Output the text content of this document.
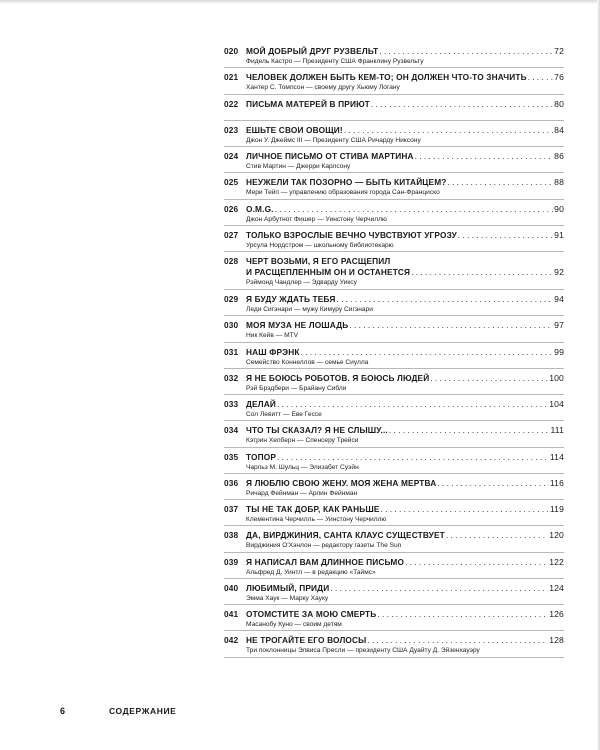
020 МОЙ ДОБРЫЙ ДРУГ РУЗВЕЛЬТ . . .	72
Фидель Кастро — Президенту США Франклину Рузвельту
021 ЧЕЛОВЕК ДОЛЖЕН БЫТЬ КЕМ-ТО; ОН ДОЛЖЕН ЧТО-ТО ЗНАЧИТЬ . . .	76
Хантер С. Томпсон — своему другу Хьюму Логану
022 ПИСЬМА МАТЕРЕЙ В ПРИЮТ . . .	80
023 ЕШЬТЕ СВОИ ОВОЩИ! . . .	84
Джон У. Джеймс III — Президенту США Ричарду Никсону
024 ЛИЧНОЕ ПИСЬМО ОТ СТИВА МАРТИНА . . .	86
Стив Мартин — Джерри Карлсону
025 НЕУЖЕЛИ ТАК ПОЗОРНО — БЫТЬ КИТАЙЦЕМ? . . .	88
Мери Тейп — управлению образования города Сан-Франциско
026 O.M.G. . . .	90
Джон Арбутнот Фишер — Уинстону Черчиллю
027 ТОЛЬКО ВЗРОСЛЫЕ ВЕЧНО ЧУВСТВУЮТ УГРОЗУ . . .	91
Урсула Нордстром — школьному библиотекарю
028 ЧЕРТ ВОЗЬМИ, Я ЕГО РАСЩЕПИЛ
И РАСЩЕПЛЕННЫМ ОН И ОСТАНЕТСЯ . . .	92
Рэймонд Чандлер — Эдварду Уиксу
029 Я БУДУ ЖДАТЬ ТЕБЯ . . .	94
Леди Сигэнари — мужу Кимуру Сигэнари
030 МОЯ МУЗА НЕ ЛОШАДЬ . . .	97
Ник Кейв — MTV
031 НАШ ФРЭНК . . .	99
Семейство Коннеллов — семье Сиулла
032 Я НЕ БОЮСЬ РОБОТОВ. Я БОЮСЬ ЛЮДЕЙ . . .	100
Рэй Брэдбери — Брайану Сибли
033 ДЕЛАЙ . . .	104
Сол Левитт — Еве Гессе
034 ЧТО ТЫ СКАЗАЛ? Я НЕ СЛЫШУ... . . .	111
Кэтрин Хепберн — Спенсеру Трейси
035 ТОПОР . . .	114
Чарльз М. Шульц — Элизабет Суэйн
036 Я ЛЮБЛЮ СВОЮ ЖЕНУ. МОЯ ЖЕНА МЕРТВА . . .	116
Ричард Фейнман — Арлин Фейнман
037 ТЫ НЕ ТАК ДОБР, КАК РАНЬШЕ . . .	119
Клементина Черчилль — Уинстону Черчиллю
038 ДА, ВИРДЖИНИЯ, САНТА КЛАУС СУЩЕСТВУЕТ . . .	120
Вирджиния О'Хэнлон — редактору газеты The Sun
039 Я НАПИСАЛ ВАМ ДЛИННОЕ ПИСЬМО . . .	122
Альфред Д. Уинтл — в редакцию «Таймс»
040 ЛЮБИМЫЙ, ПРИДИ . . .	124
Эмма Хаук — Марку Хауку
041 ОТОМСТИТЕ ЗА МОЮ СМЕРТЬ . . .	126
Масанобу Куно — своим детям
042 НЕ ТРОГАЙТЕ ЕГО ВОЛОСЫ . . .	128
Три поклонницы Элвиса Пресли — президенту США Дуайту Д. Эйзенхауэру
6	СОДЕРЖАНИЕ
